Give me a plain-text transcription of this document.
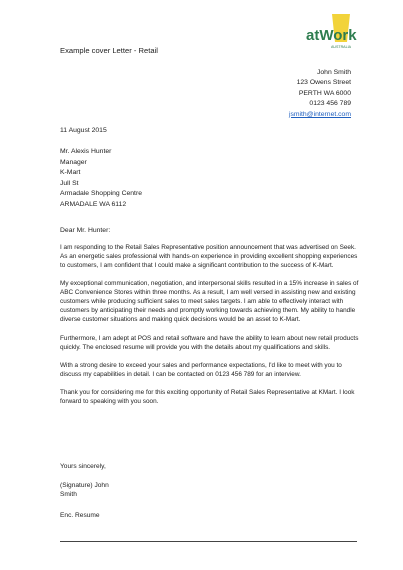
atWork
AUSTRALIA
Example cover Letter - Retail
John Smith
123 Owens Street
PERTH WA 6000
0123 456 789
jsmith@internet.com
11 August 2015
Mr. Alexis Hunter
Manager
K-Mart
Jull St
Armadale Shopping Centre
ARMADALE WA 6112
Dear Mr. Hunter:

I am responding to the Retail Sales Representative position announcement that was advertised on Seek. As an energetic sales professional with hands-on experience in providing excellent shopping experiences to customers, I am confident that I could make a significant contribution to the success of K-Mart.

My exceptional communication, negotiation, and interpersonal skills resulted in a 15% increase in sales of ABC Convenience Stores within three months. As a result, I am well versed in assisting new and existing customers while producing sufficient sales to meet sales targets. I am able to effectively interact with customers by anticipating their needs and promptly working towards achieving them. My ability to handle diverse customer situations and making quick decisions would be an asset to K-Mart.

Furthermore, I am adept at POS and retail software and have the ability to learn about new retail products quickly. The enclosed resume will provide you with the details about my qualifications and skills.

With a strong desire to exceed your sales and performance expectations, I'd like to meet with you to discuss my capabilities in detail. I can be contacted on 0123 456 789 for an interview.

Thank you for considering me for this exciting opportunity of Retail Sales Representative at KMart. I look forward to speaking with you soon.

Yours sincerely,
(Signature) John
Smith
Enc. Resume
